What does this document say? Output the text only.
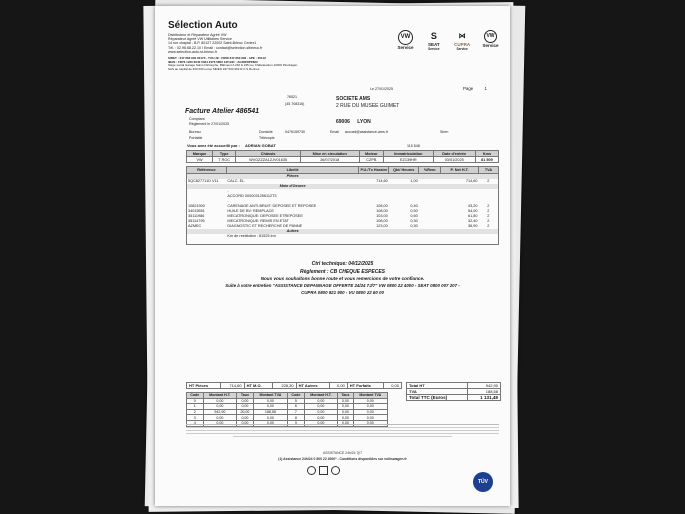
Sélection Auto
Distributeur et Réparateur Agréé VW
Réparateur Agréé VW Utilitaires Service
14 rue chaptal - B.P. 80127 22002 Saint-Brieuc Cedex1
Tél. : 02.96.68.22.10 / Email : contact@selection-stbrieuc.fr
www.selection-auto-st-brieuc.fr
SIRET : 347 663 902 00170 - TVA UE : FR08 347 663 902 - APE : 4511Z
IBAN : FR76 1220 6040 0034 2476 5800 135 BIC : AGRIFRPP822
Siège social Garage Saint-Christophe, Bâtiment A 240 & 245 rue Châtelaudren 22000 Ploufragan
SAS au capital de 400 000 euros SIREN 347 663 902 R.C.S Rennes
VW
Service
S
SEAT
Service
⋈
CUPRA
Service
VW
Service
Le 27/01/2025	Page	1
76521
(45 708316)
SOCIETE AMS
2 RUE DU MUSEE GUIMET
69006 LYON
Facture Atelier 486541
Comptant
Règlement le 27/01/2025
Bureau
Portable
Domicile	0476159730
Télécopie
Email accueil@assistance-ams.fr	Siren
Vous avez été accueilli par : ADRIAN GOBAT	115 548
Marque	Type	Châssis	Mise en circulation	Moteur	Immatriculation	Date d'entrée	Kms
VW	T ROC	WVGZZZA1ZJV01635	26/07/2018	CZPB	EZ139HR	03/01/2025	81 509
Référence	Libellé	P.U./Tx Horaire	Qté/ Heures	%Rem	P. Net H.T.	TVA
	Pièces					
5QC827711D V11	CALC. EL.	714,60	1,00		714,60	2
	Main d'Oeuvre					
	-					
	ACCORD 0000031256112T3					
	-					
10821900	CARENAGE ANTI-BRUIT: DEPOSEE ET REPOSEE	108,00	0,40		43,20	2
34015551	HUILE DE BV: REMPLACE	108,00	0,50		54,00	2
35111986	MECATRONIQUE: DEPOSEE ETREPOSEE	103,00	0,60		61,80	2
35114795	MECATRONIQUE: REMIS EN ETAT	108,00	0,30		32,40	2
AZMEC	DIAGNOSTIC ET RECHERCHE DE PANNE	123,00	0,30		36,90	2
	Autres					
	Km de restitution : 81525 km					

Ctrl technique: 04/12/2025
Règlement : CB CHEQUE ESPECES
Nous vous souhaitons bonne route et vous remercions de votre confiance.
Suite à votre entretien "ASSISTANCE DEPANNAGE OFFERTE 24/24 7J/7" VW 0800 22 4000 - SEAT 0800 007 207 -
CUPRA 0800 921 900 - VU 0800 22 60 00
HT Pièces	714,60	HT M.O.	228,30	HT Autres	0,00	HT Forfaits	0,00
Code	Montant H.T.	Taux	Montant TVA	Code	Montant H.T.	Taux	Montant TVA
0	0,00	0,00	0,00	5	0,00	0,00	0,00
1	0,00	0,00	0,00	6	0,00	0,00	0,00
2	942,90	20,00	188,58	7	0,00	0,00	0,00
3	0,00	0,00	0,00	8	0,00	0,00	0,00

Total HT	942,90
TVA	188,58
Total TTC (Euros)	1 131,48
ASSISTANCE 24h/24 7j/7
(1) Assistance 24h/24 0 800 22 4000* - Conditions disponibles sur volkswagen.fr
TÜV
